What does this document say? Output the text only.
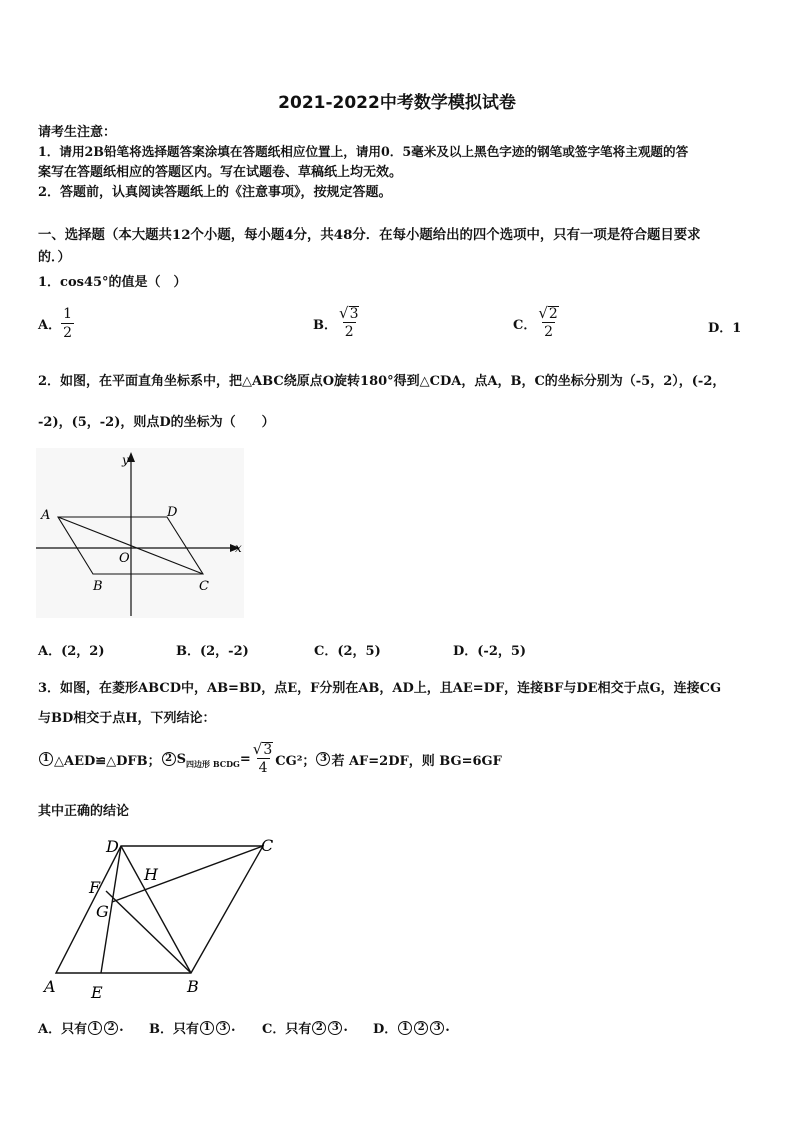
2021-2022中考数学模拟试卷
请考生注意：
1．请用2B铅笔将选择题答案涂填在答题纸相应位置上，请用0．5毫米及以上黑色字迹的钢笔或签字笔将主观题的答
案写在答题纸相应的答题区内。写在试题卷、草稿纸上均无效。
2．答题前，认真阅读答题纸上的《注意事项》，按规定答题。
一、选择题（本大题共12个小题，每小题4分，共48分．在每小题给出的四个选项中，只有一项是符合题目要求
的．）
1．cos45°的值是（　）
A． $\frac{1}{2}$	B． $\frac{√ 3}{2}$	C． $\frac{√ 2}{2}$	D．1
2．如图，在平面直角坐标系中，把△ABC绕原点O旋转180°得到△CDA，点A，B，C的坐标分别为（-5，2），(-2，
-2)，(5，-2)，则点D的坐标为（　　）
A	D
O
B	C
x
y
A．(2，2)	B．(2，-2)	C．(2，5)	D．(-2，5)
3．如图，在菱形ABCD中，AB=BD，点E，F分别在AB，AD上，且AE=DF，连接BF与DE相交于点G，连接CG
与BD相交于点H，下列结论：
1 △AED≌△DFB； 2 S 四边形 BCDG = $\frac{√ 3}{4} CG^2$； 3 若 AF=2DF，则 BG=6GF
其中正确的结论
A E	B
C
D
F
G
H
A．只有 1 2 . B．只有 1 3 . C．只有 2 3 . D． 1 2 3 .
